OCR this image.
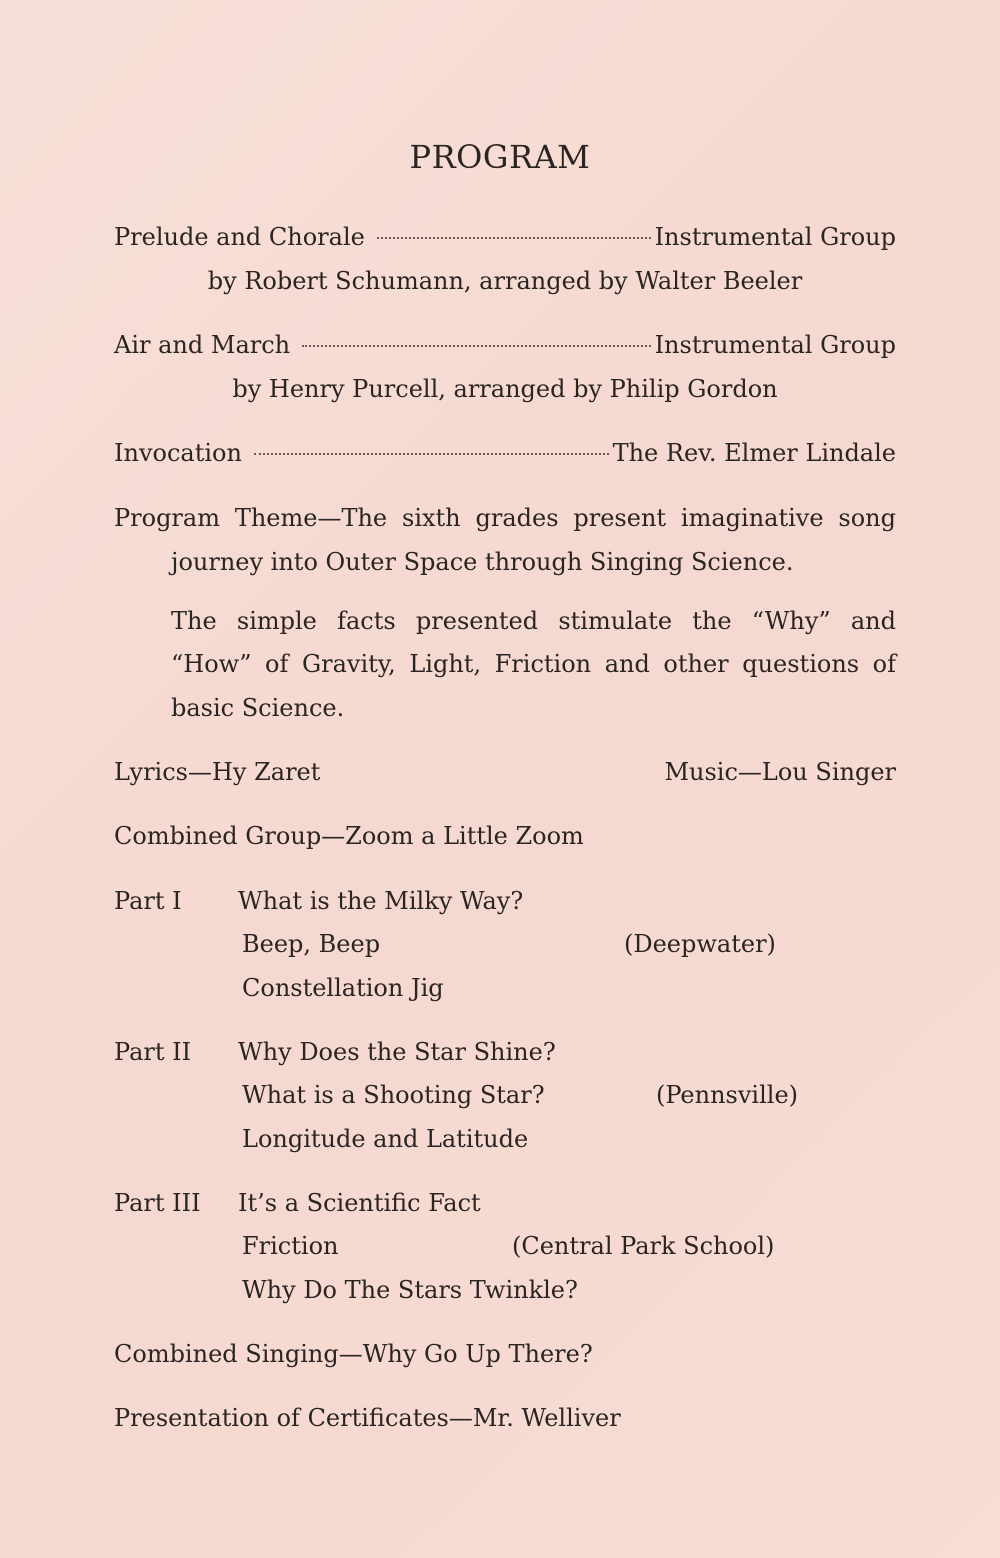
PROGRAM
Prelude and Chorale	Instrumental Group
by Robert Schumann, arranged by Walter Beeler
Air and March	Instrumental Group
by Henry Purcell, arranged by Philip Gordon
Invocation	The Rev. Elmer Lindale
Program Theme—The sixth grades present imaginative song
journey into Outer Space through Singing Science.
The simple facts presented stimulate the “Why” and
“How” of Gravity, Light, Friction and other questions of
basic Science.
Lyrics—Hy Zaret	Music—Lou Singer
Combined Group—Zoom a Little Zoom
Part I What is the Milky Way?
Beep, Beep	(Deepwater)
Constellation Jig
Part II Why Does the Star Shine?
What is a Shooting Star?	(Pennsville)
Longitude and Latitude
Part III It’s a Scientific Fact
Friction	(Central Park School)
Why Do The Stars Twinkle?
Combined Singing—Why Go Up There?
Presentation of Certificates—Mr. Welliver
